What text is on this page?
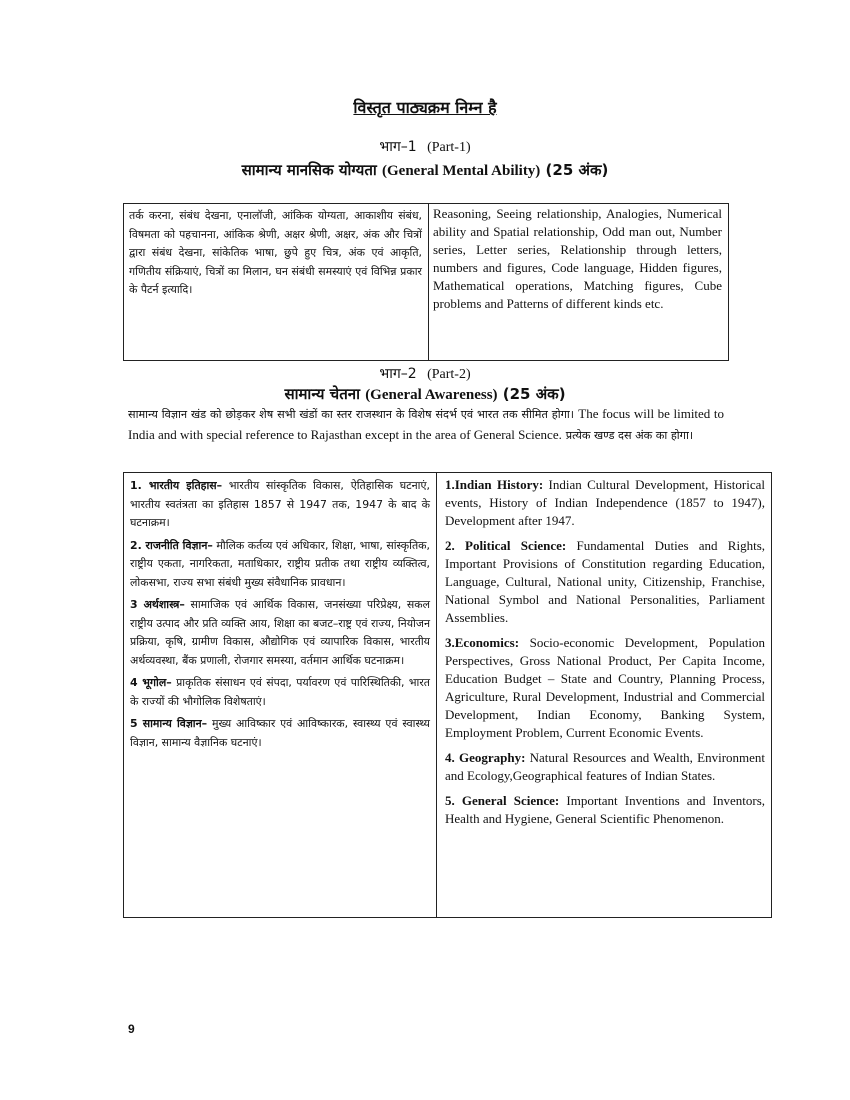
विस्तृत पाठ्यक्रम निम्न है
भाग–1 (Part-1)
सामान्य मानसिक योग्यता (General Mental Ability) (25 अंक)

तर्क करना, संबंध देखना, एनालॉजी, आंकिक योग्यता, आकाशीय संबंध, विषमता को पहचानना, आंकिक श्रेणी, अक्षर श्रेणी, अक्षर, अंक और चित्रों द्वारा संबंध देखना, सांकेतिक भाषा, छुपे हुए चित्र, अंक एवं आकृति, गणितीय संक्रियाएं, चित्रों का मिलान, घन संबंधी समस्याएं एवं विभिन्न प्रकार के पैटर्न इत्यादि।

Reasoning, Seeing relationship, Analogies, Numerical ability and Spatial relationship, Odd man out, Number series, Letter series, Relationship through letters, numbers and figures, Code language, Hidden figures, Mathematical operations, Matching figures, Cube problems and Patterns of different kinds etc.

भाग–2 (Part-2)
सामान्य चेतना (General Awareness) (25 अंक)
सामान्य विज्ञान खंड को छोड़कर शेष सभी खंडों का स्तर राजस्थान के विशेष संदर्भ एवं भारत तक सीमित होगा। The focus will be limited to India and with special reference to Rajasthan except in the area of General Science. प्रत्येक खण्ड दस अंक का होगा।

1. भारतीय इतिहास– भारतीय सांस्कृतिक विकास, ऐतिहासिक घटनाएं, भारतीय स्वतंत्रता का इतिहास 1857 से 1947 तक, 1947 के बाद के घटनाक्रम।

2. राजनीति विज्ञान– मौलिक कर्तव्य एवं अधिकार, शिक्षा, भाषा, सांस्कृतिक, राष्ट्रीय एकता, नागरिकता, मताधिकार, राष्ट्रीय प्रतीक तथा राष्ट्रीय व्यक्तित्व, लोकसभा, राज्य सभा संबंधी मुख्य संवैधानिक प्रावधान।

3 अर्थशास्त्र– सामाजिक एवं आर्थिक विकास, जनसंख्या परिप्रेक्ष्य, सकल राष्ट्रीय उत्पाद और प्रति व्यक्ति आय, शिक्षा का बजट–राष्ट्र एवं राज्य, नियोजन प्रक्रिया, कृषि, ग्रामीण विकास, औद्योगिक एवं व्यापारिक विकास, भारतीय अर्थव्यवस्था, बैंक प्रणाली, रोजगार समस्या, वर्तमान आर्थिक घटनाक्रम।

4 भूगोल– प्राकृतिक संसाधन एवं संपदा, पर्यावरण एवं पारिस्थितिकी, भारत के राज्यों की भौगोलिक विशेषताएं।

5 सामान्य विज्ञान– मुख्य आविष्कार एवं आविष्कारक, स्वास्थ्य एवं स्वास्थ्य विज्ञान, सामान्य वैज्ञानिक घटनाएं।

1.Indian History: Indian Cultural Development, Historical events, History of Indian Independence (1857 to 1947), Development after 1947.

2. Political Science: Fundamental Duties and Rights, Important Provisions of Constitution regarding Education, Language, Cultural, National unity, Citizenship, Franchise, National Symbol and National Personalities, Parliament Assemblies.

3.Economics: Socio-economic Development, Population Perspectives, Gross National Product, Per Capita Income, Education Budget – State and Country, Planning Process, Agriculture, Rural Development, Industrial and Commercial Development, Indian Economy, Banking System, Employment Problem, Current Economic Events.

4. Geography: Natural Resources and Wealth, Environment and Ecology,Geographical features of Indian States.

5. General Science: Important Inventions and Inventors, Health and Hygiene, General Scientific Phenomenon.

9
